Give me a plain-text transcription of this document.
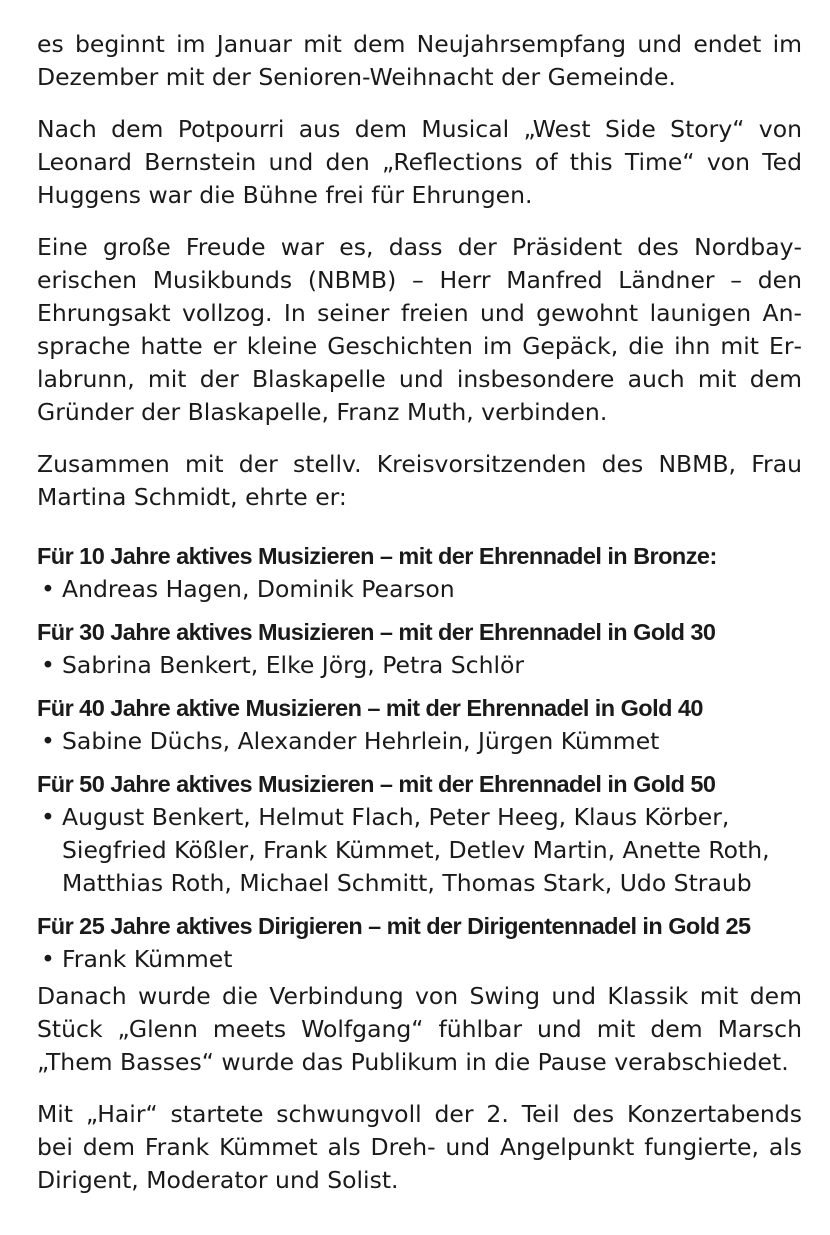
es beginnt im Januar mit dem Neujahrsempfang und endet im Dezember mit der Senioren-Weihnacht der Gemeinde.

Nach dem Potpourri aus dem Musical „West Side Story“ von Leonard Bernstein und den „Reflections of this Time“ von Ted Huggens war die Bühne frei für Ehrungen.

Eine große Freude war es, dass der Präsident des Nordbayerischen Musikbunds (NBMB) – Herr Manfred Ländner – den Ehrungsakt vollzog. In seiner freien und gewohnt launigen Ansprache hatte er kleine Geschichten im Gepäck, die ihn mit Erlabrunn, mit der Blaskapelle und insbesondere auch mit dem Gründer der Blaskapelle, Franz Muth, verbinden.

Zusammen mit der stellv. Kreisvorsitzenden des NBMB, Frau Martina Schmidt, ehrte er:

Für 10 Jahre aktives Musizieren – mit der Ehrennadel in Bronze:
• Andreas Hagen, Dominik Pearson
Für 30 Jahre aktives Musizieren – mit der Ehrennadel in Gold 30
• Sabrina Benkert, Elke Jörg, Petra Schlör
Für 40 Jahre aktive Musizieren – mit der Ehrennadel in Gold 40
• Sabine Düchs, Alexander Hehrlein, Jürgen Kümmet
Für 50 Jahre aktives Musizieren – mit der Ehrennadel in Gold 50
• August Benkert, Helmut Flach, Peter Heeg, Klaus Körber, Siegfried Kößler, Frank Kümmet, Detlev Martin, Anette Roth, Matthias Roth, Michael Schmitt, Thomas Stark, Udo Straub
Für 25 Jahre aktives Dirigieren – mit der Dirigentennadel in Gold 25
• Frank Kümmet

Danach wurde die Verbindung von Swing und Klassik mit dem Stück „Glenn meets Wolfgang“ fühlbar und mit dem Marsch „Them Basses“ wurde das Publikum in die Pause verabschiedet.

Mit „Hair“ startete schwungvoll der 2. Teil des Konzertabends bei dem Frank Kümmet als Dreh- und Angelpunkt fungierte, als Dirigent, Moderator und Solist.
